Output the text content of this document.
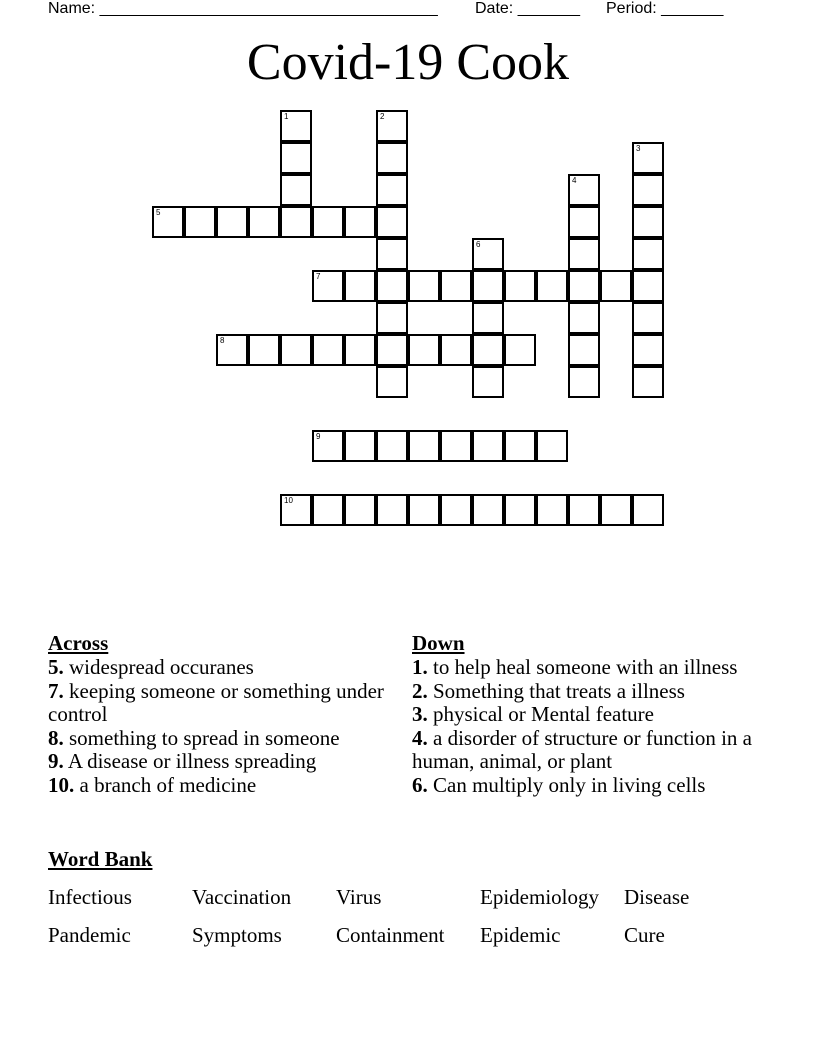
Name: ______________________________________ Date: _______ Period: _______
Covid-19 Cook
1	2
3
4
5
6
7
8
9
10
Across
5. widespread occuranes
7. keeping someone or something under control
8. something to spread in someone
9. A disease or illness spreading
10. a branch of medicine
Down
1. to help heal someone with an illness
2. Something that treats a illness
3. physical or Mental feature
4. a disorder of structure or function in a human, animal, or plant
6. Can multiply only in living cells
Word Bank
Infectious	Vaccination Virus	Epidemiology Disease
Pandemic	Symptoms	Containment Epidemic	Cure
